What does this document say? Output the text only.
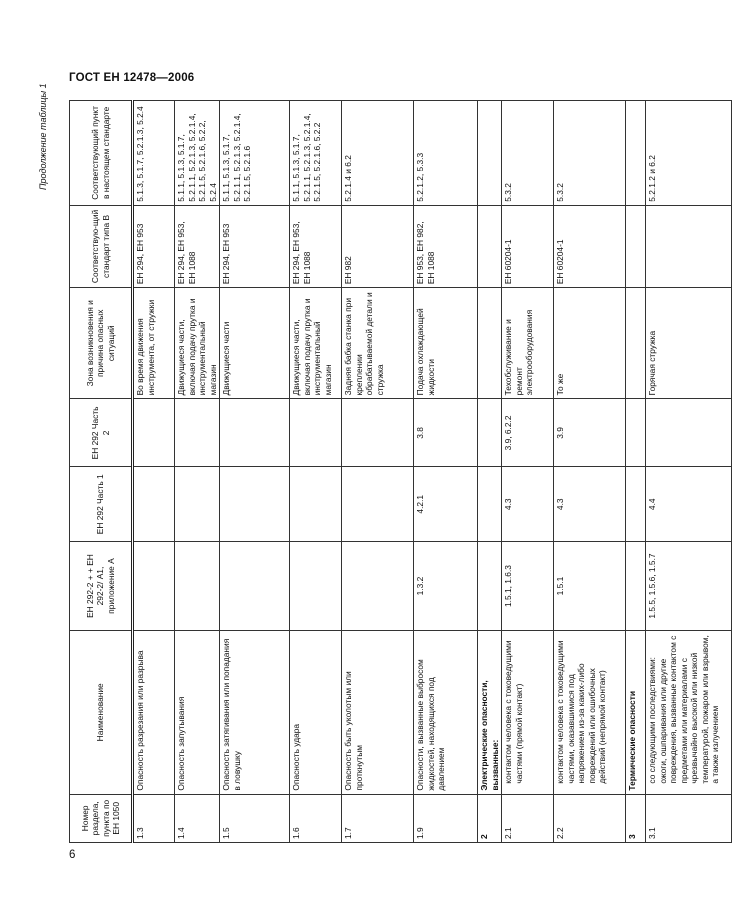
ГОСТ ЕН 12478—2006
Продолжение таблицы 1
Номер раздела, пункта по ЕН 1050	Наименование	ЕН 292-2 + + ЕН 292-2/ А1, приложение А	ЕН 292 Часть 1	ЕН 292 Часть 2	Зона возникновения и причина опасных ситуаций	Соответствую-щий стандарт типа В	Соответствующий пункт в настоящем стандарте
1.3	Опасность разрезания или разрыва				Во время движения инструмента, от стружки	ЕН 294, ЕН 953	5.1.3, 5.1.7, 5.2.1.3, 5.2.4
1.4	Опасность запутывания				Движущиеся части, включая подачу прутка и инструментальный магазин	ЕН 294, ЕН 953, ЕН 1088	5.1.1, 5.1.3, 5.1.7, 5.2.1.1, 5.2.1.3, 5.2.1.4, 5.2.1.5, 5.2.1.6, 5.2.2, 5.2.4
1.5	Опасность затягивания или попадания в ловушку				Движущиеся части	ЕН 294, ЕН 953	5.1.1, 5.1.3, 5.1.7, 5.2.1.1, 5.2.1.3, 5.2.1.4, 5.2.1.5, 5.2.1.6
1.6	Опасность удара				Движущиеся части, включая подачу прутка и инструментальный магазин	ЕН 294, ЕН 953, ЕН 1088	5.1.1, 5.1.3, 5.1.7, 5.2.1.1, 5.2.1.3, 5.2.1.4, 5.2.1.5, 5.2.1.6, 5.2.2
1.7	Опасность быть уколотым или проткнутым				Задняя бабка станка при креплении обрабатываемой детали и стружка	ЕН 982	5.2.1.4 и 6.2
1.9	Опасности, вызванные выбросом жидкостей, находящихся под давлением	1.3.2	4.2.1	3.8	Подача охлаждающей жидкости	ЕН 953, ЕН 982, ЕН 1088	5.2.1.2, 5.3.3
2	Электрические опасности, вызванные:						
2.1	контактом человека с токоведущими частями (прямой контакт)	1.5.1, 1.6.3	4.3	3.9, 6.2.2	Техобслуживание и ремонт электрооборудования	ЕН 60204-1	5.3.2
2.2	контактом человека с токоведущими частями, оказавшимися под напряжением из-за каких-либо повреждений или ошибочных действий (непрямой контакт)	1.5.1	4.3	3.9	То же	ЕН 60204-1	5.3.2
3	Термические опасности						
3.1	со следующими последствиями: ожоги, ошпаривания или другие повреждения, вызванные контактом с предметами или материалами с чрезвычайно высокой или низкой температурой, пожаром или взрывом, а также излучением	1.5.5, 1.5.6, 1.5.7	4.4		Горячая стружка		5.2.1.2 и 6.2
6
